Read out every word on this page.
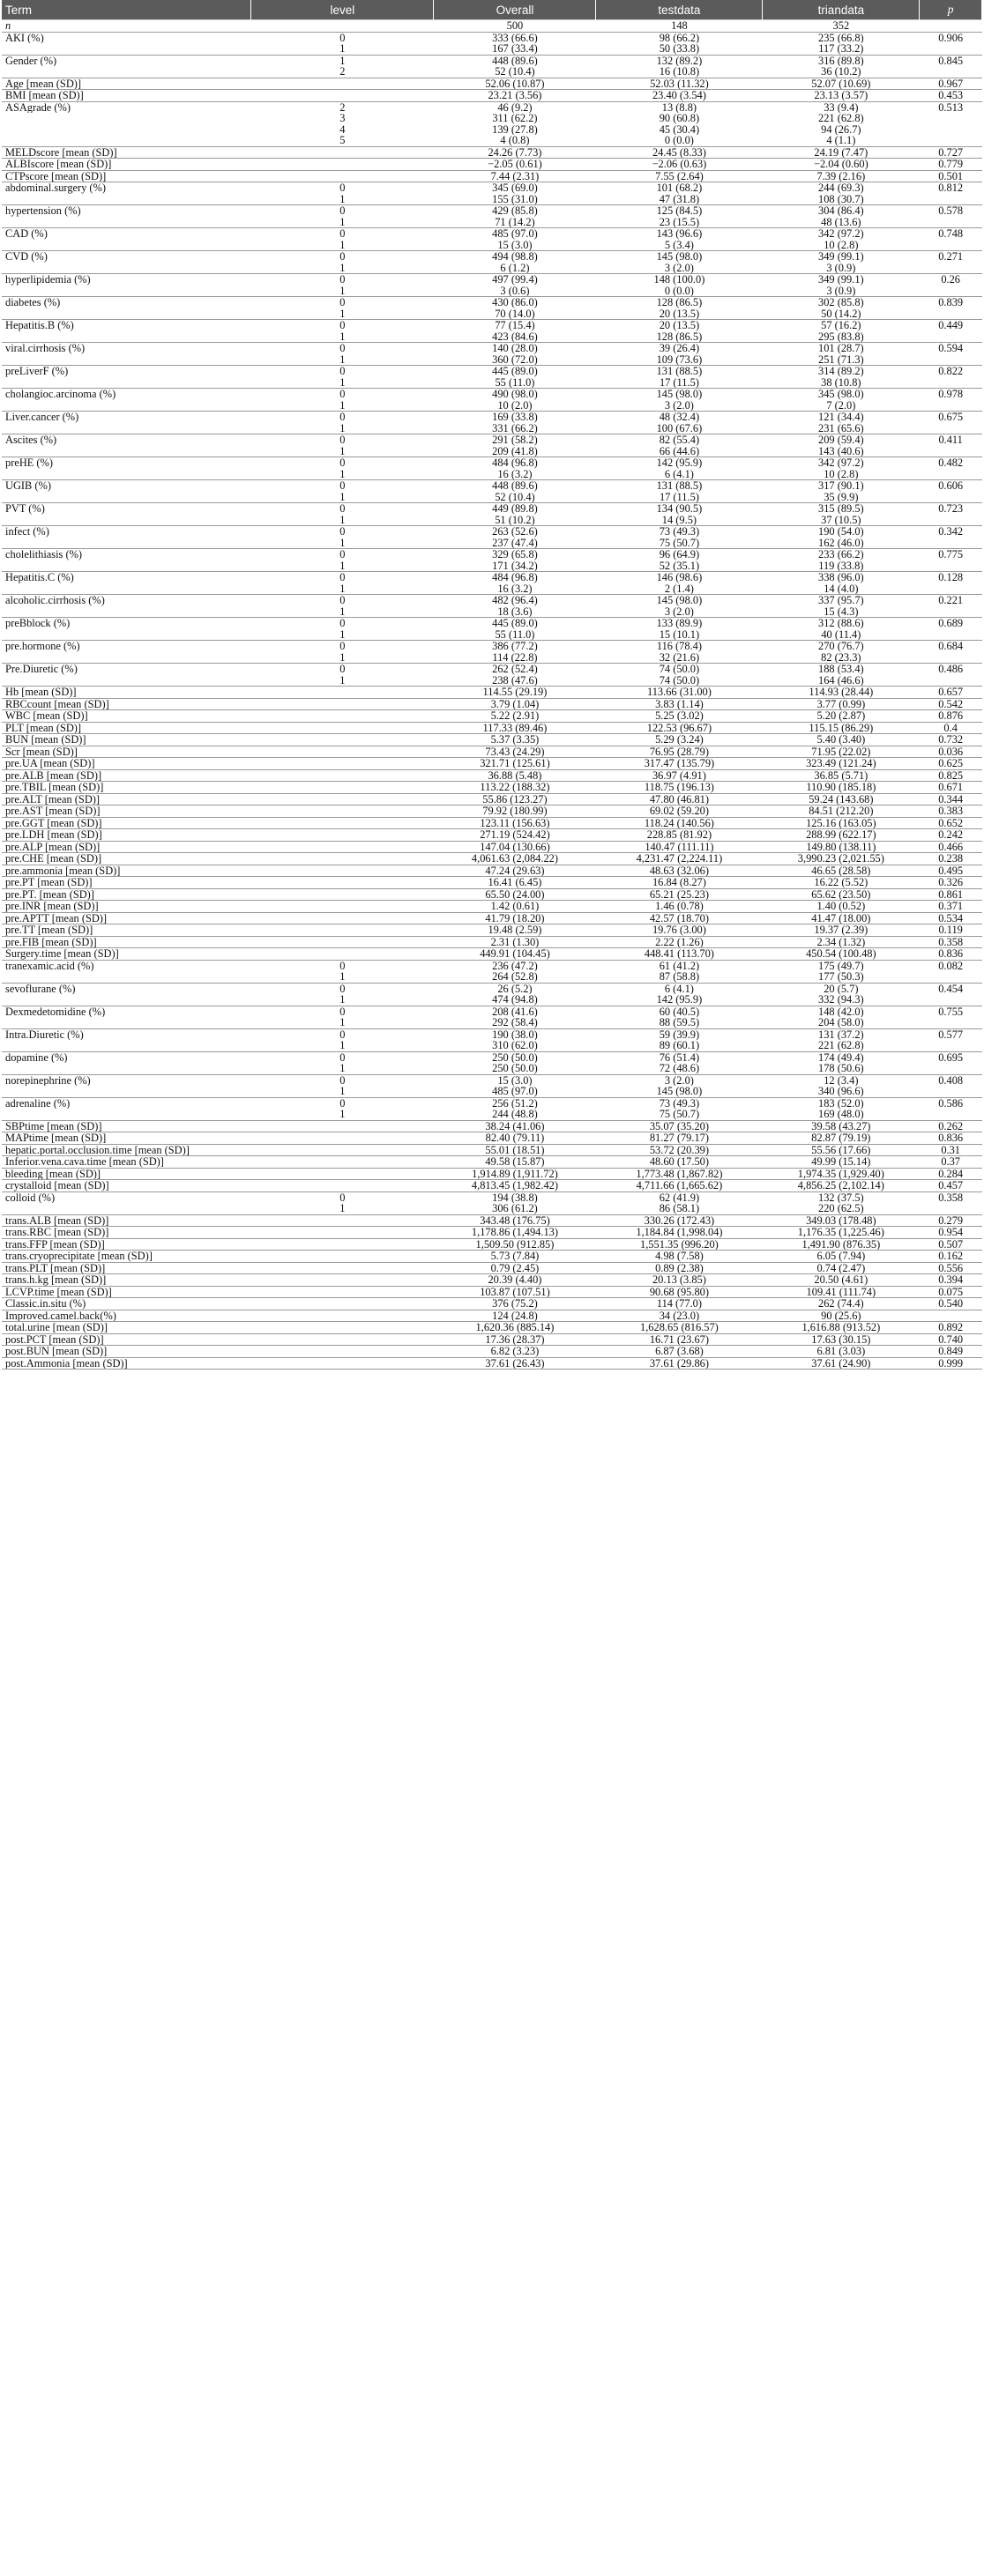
Term	level	Overall	testdata	triandata	p
n		500	148	352	
AKI (%)	0	333 (66.6)	98 (66.2)	235 (66.8)	0.906
	1	167 (33.4)	50 (33.8)	117 (33.2)	
Gender (%)	1	448 (89.6)	132 (89.2)	316 (89.8)	0.845
	2	52 (10.4)	16 (10.8)	36 (10.2)	
Age [mean (SD)]		52.06 (10.87)	52.03 (11.32)	52.07 (10.69)	0.967
BMI [mean (SD)]		23.21 (3.56)	23.40 (3.54)	23.13 (3.57)	0.453
ASAgrade (%)	2	46 (9.2)	13 (8.8)	33 (9.4)	0.513
	3	311 (62.2)	90 (60.8)	221 (62.8)	
	4	139 (27.8)	45 (30.4)	94 (26.7)	
	5	4 (0.8)	0 (0.0)	4 (1.1)	
MELDscore [mean (SD)]		24.26 (7.73)	24.45 (8.33)	24.19 (7.47)	0.727
ALBIscore [mean (SD)]		−2.05 (0.61)	−2.06 (0.63)	−2.04 (0.60)	0.779
CTPscore [mean (SD)]		7.44 (2.31)	7.55 (2.64)	7.39 (2.16)	0.501
abdominal.surgery (%)	0	345 (69.0)	101 (68.2)	244 (69.3)	0.812
	1	155 (31.0)	47 (31.8)	108 (30.7)	
hypertension (%)	0	429 (85.8)	125 (84.5)	304 (86.4)	0.578
	1	71 (14.2)	23 (15.5)	48 (13.6)	
CAD (%)	0	485 (97.0)	143 (96.6)	342 (97.2)	0.748
	1	15 (3.0)	5 (3.4)	10 (2.8)	
CVD (%)	0	494 (98.8)	145 (98.0)	349 (99.1)	0.271
	1	6 (1.2)	3 (2.0)	3 (0.9)	
hyperlipidemia (%)	0	497 (99.4)	148 (100.0)	349 (99.1)	0.26
	1	3 (0.6)	0 (0.0)	3 (0.9)	
diabetes (%)	0	430 (86.0)	128 (86.5)	302 (85.8)	0.839
	1	70 (14.0)	20 (13.5)	50 (14.2)	
Hepatitis.B (%)	0	77 (15.4)	20 (13.5)	57 (16.2)	0.449
	1	423 (84.6)	128 (86.5)	295 (83.8)	
viral.cirrhosis (%)	0	140 (28.0)	39 (26.4)	101 (28.7)	0.594
	1	360 (72.0)	109 (73.6)	251 (71.3)	
preLiverF (%)	0	445 (89.0)	131 (88.5)	314 (89.2)	0.822
	1	55 (11.0)	17 (11.5)	38 (10.8)	
cholangioc.arcinoma (%)	0	490 (98.0)	145 (98.0)	345 (98.0)	0.978
	1	10 (2.0)	3 (2.0)	7 (2.0)	
Liver.cancer (%)	0	169 (33.8)	48 (32.4)	121 (34.4)	0.675
	1	331 (66.2)	100 (67.6)	231 (65.6)	
Ascites (%)	0	291 (58.2)	82 (55.4)	209 (59.4)	0.411
	1	209 (41.8)	66 (44.6)	143 (40.6)	
preHE (%)	0	484 (96.8)	142 (95.9)	342 (97.2)	0.482
	1	16 (3.2)	6 (4.1)	10 (2.8)	
UGIB (%)	0	448 (89.6)	131 (88.5)	317 (90.1)	0.606
	1	52 (10.4)	17 (11.5)	35 (9.9)	
PVT (%)	0	449 (89.8)	134 (90.5)	315 (89.5)	0.723
	1	51 (10.2)	14 (9.5)	37 (10.5)	
infect (%)	0	263 (52.6)	73 (49.3)	190 (54.0)	0.342
	1	237 (47.4)	75 (50.7)	162 (46.0)	
cholelithiasis (%)	0	329 (65.8)	96 (64.9)	233 (66.2)	0.775
	1	171 (34.2)	52 (35.1)	119 (33.8)	
Hepatitis.C (%)	0	484 (96.8)	146 (98.6)	338 (96.0)	0.128
	1	16 (3.2)	2 (1.4)	14 (4.0)	
alcoholic.cirrhosis (%)	0	482 (96.4)	145 (98.0)	337 (95.7)	0.221
	1	18 (3.6)	3 (2.0)	15 (4.3)	
preBblock (%)	0	445 (89.0)	133 (89.9)	312 (88.6)	0.689
	1	55 (11.0)	15 (10.1)	40 (11.4)	
pre.hormone (%)	0	386 (77.2)	116 (78.4)	270 (76.7)	0.684
	1	114 (22.8)	32 (21.6)	82 (23.3)	
Pre.Diuretic (%)	0	262 (52.4)	74 (50.0)	188 (53.4)	0.486
	1	238 (47.6)	74 (50.0)	164 (46.6)	
Hb [mean (SD)]		114.55 (29.19)	113.66 (31.00)	114.93 (28.44)	0.657
RBCcount [mean (SD)]		3.79 (1.04)	3.83 (1.14)	3.77 (0.99)	0.542
WBC [mean (SD)]		5.22 (2.91)	5.25 (3.02)	5.20 (2.87)	0.876
PLT [mean (SD)]		117.33 (89.46)	122.53 (96.67)	115.15 (86.29)	0.4
BUN [mean (SD)]		5.37 (3.35)	5.29 (3.24)	5.40 (3.40)	0.732
Scr [mean (SD)]		73.43 (24.29)	76.95 (28.79)	71.95 (22.02)	0.036
pre.UA [mean (SD)]		321.71 (125.61)	317.47 (135.79)	323.49 (121.24)	0.625
pre.ALB [mean (SD)]		36.88 (5.48)	36.97 (4.91)	36.85 (5.71)	0.825
pre.TBIL [mean (SD)]		113.22 (188.32)	118.75 (196.13)	110.90 (185.18)	0.671
pre.ALT [mean (SD)]		55.86 (123.27)	47.80 (46.81)	59.24 (143.68)	0.344
pre.AST [mean (SD)]		79.92 (180.99)	69.02 (59.20)	84.51 (212.20)	0.383
pre.GGT [mean (SD)]		123.11 (156.63)	118.24 (140.56)	125.16 (163.05)	0.652
pre.LDH [mean (SD)]		271.19 (524.42)	228.85 (81.92)	288.99 (622.17)	0.242
pre.ALP [mean (SD)]		147.04 (130.66)	140.47 (111.11)	149.80 (138.11)	0.466
pre.CHE [mean (SD)]		4,061.63 (2,084.22)	4,231.47 (2,224.11)	3,990.23 (2,021.55)	0.238
pre.ammonia [mean (SD)]		47.24 (29.63)	48.63 (32.06)	46.65 (28.58)	0.495
pre.PT [mean (SD)]		16.41 (6.45)	16.84 (8.27)	16.22 (5.52)	0.326
pre.PT. [mean (SD)]		65.50 (24.00)	65.21 (25.23)	65.62 (23.50)	0.861
pre.INR [mean (SD)]		1.42 (0.61)	1.46 (0.78)	1.40 (0.52)	0.371
pre.APTT [mean (SD)]		41.79 (18.20)	42.57 (18.70)	41.47 (18.00)	0.534
pre.TT [mean (SD)]		19.48 (2.59)	19.76 (3.00)	19.37 (2.39)	0.119
pre.FIB [mean (SD)]		2.31 (1.30)	2.22 (1.26)	2.34 (1.32)	0.358
Surgery.time [mean (SD)]		449.91 (104.45)	448.41 (113.70)	450.54 (100.48)	0.836
tranexamic.acid (%)	0	236 (47.2)	61 (41.2)	175 (49.7)	0.082
	1	264 (52.8)	87 (58.8)	177 (50.3)	
sevoflurane (%)	0	26 (5.2)	6 (4.1)	20 (5.7)	0.454
	1	474 (94.8)	142 (95.9)	332 (94.3)	
Dexmedetomidine (%)	0	208 (41.6)	60 (40.5)	148 (42.0)	0.755
	1	292 (58.4)	88 (59.5)	204 (58.0)	
Intra.Diuretic (%)	0	190 (38.0)	59 (39.9)	131 (37.2)	0.577
	1	310 (62.0)	89 (60.1)	221 (62.8)	
dopamine (%)	0	250 (50.0)	76 (51.4)	174 (49.4)	0.695
	1	250 (50.0)	72 (48.6)	178 (50.6)	
norepinephrine (%)	0	15 (3.0)	3 (2.0)	12 (3.4)	0.408
	1	485 (97.0)	145 (98.0)	340 (96.6)	
adrenaline (%)	0	256 (51.2)	73 (49.3)	183 (52.0)	0.586
	1	244 (48.8)	75 (50.7)	169 (48.0)	
SBPtime [mean (SD)]		38.24 (41.06)	35.07 (35.20)	39.58 (43.27)	0.262
MAPtime [mean (SD)]		82.40 (79.11)	81.27 (79.17)	82.87 (79.19)	0.836
hepatic.portal.occlusion.time [mean (SD)]		55.01 (18.51)	53.72 (20.39)	55.56 (17.66)	0.31
Inferior.vena.cava.time [mean (SD)]		49.58 (15.87)	48.60 (17.50)	49.99 (15.14)	0.37
bleeding [mean (SD)]		1,914.89 (1,911.72)	1,773.48 (1,867.82)	1,974.35 (1,929.40)	0.284
crystalloid [mean (SD)]		4,813.45 (1,982.42)	4,711.66 (1,665.62)	4,856.25 (2,102.14)	0.457
colloid (%)	0	194 (38.8)	62 (41.9)	132 (37.5)	0.358
	1	306 (61.2)	86 (58.1)	220 (62.5)	
trans.ALB [mean (SD)]		343.48 (176.75)	330.26 (172.43)	349.03 (178.48)	0.279
trans.RBC [mean (SD)]		1,178.86 (1,494.13)	1,184.84 (1,998.04)	1,176.35 (1,225.46)	0.954
trans.FFP [mean (SD)]		1,509.50 (912.85)	1,551.35 (996.20)	1,491.90 (876.35)	0.507
trans.cryoprecipitate [mean (SD)]		5.73 (7.84)	4.98 (7.58)	6.05 (7.94)	0.162
trans.PLT [mean (SD)]		0.79 (2.45)	0.89 (2.38)	0.74 (2.47)	0.556
trans.h.kg [mean (SD)]		20.39 (4.40)	20.13 (3.85)	20.50 (4.61)	0.394
LCVP.time [mean (SD)]		103.87 (107.51)	90.68 (95.80)	109.41 (111.74)	0.075
Classic.in.situ (%)		376 (75.2)	114 (77.0)	262 (74.4)	0.540
Improved.camel.back(%)		124 (24.8)	34 (23.0)	90 (25.6)	
total.urine [mean (SD)]		1,620.36 (885.14)	1,628.65 (816.57)	1,616.88 (913.52)	0.892
post.PCT [mean (SD)]		17.36 (28.37)	16.71 (23.67)	17.63 (30.15)	0.740
post.BUN [mean (SD)]		6.82 (3.23)	6.87 (3.68)	6.81 (3.03)	0.849
post.Ammonia [mean (SD)]		37.61 (26.43)	37.61 (29.86)	37.61 (24.90)	0.999
